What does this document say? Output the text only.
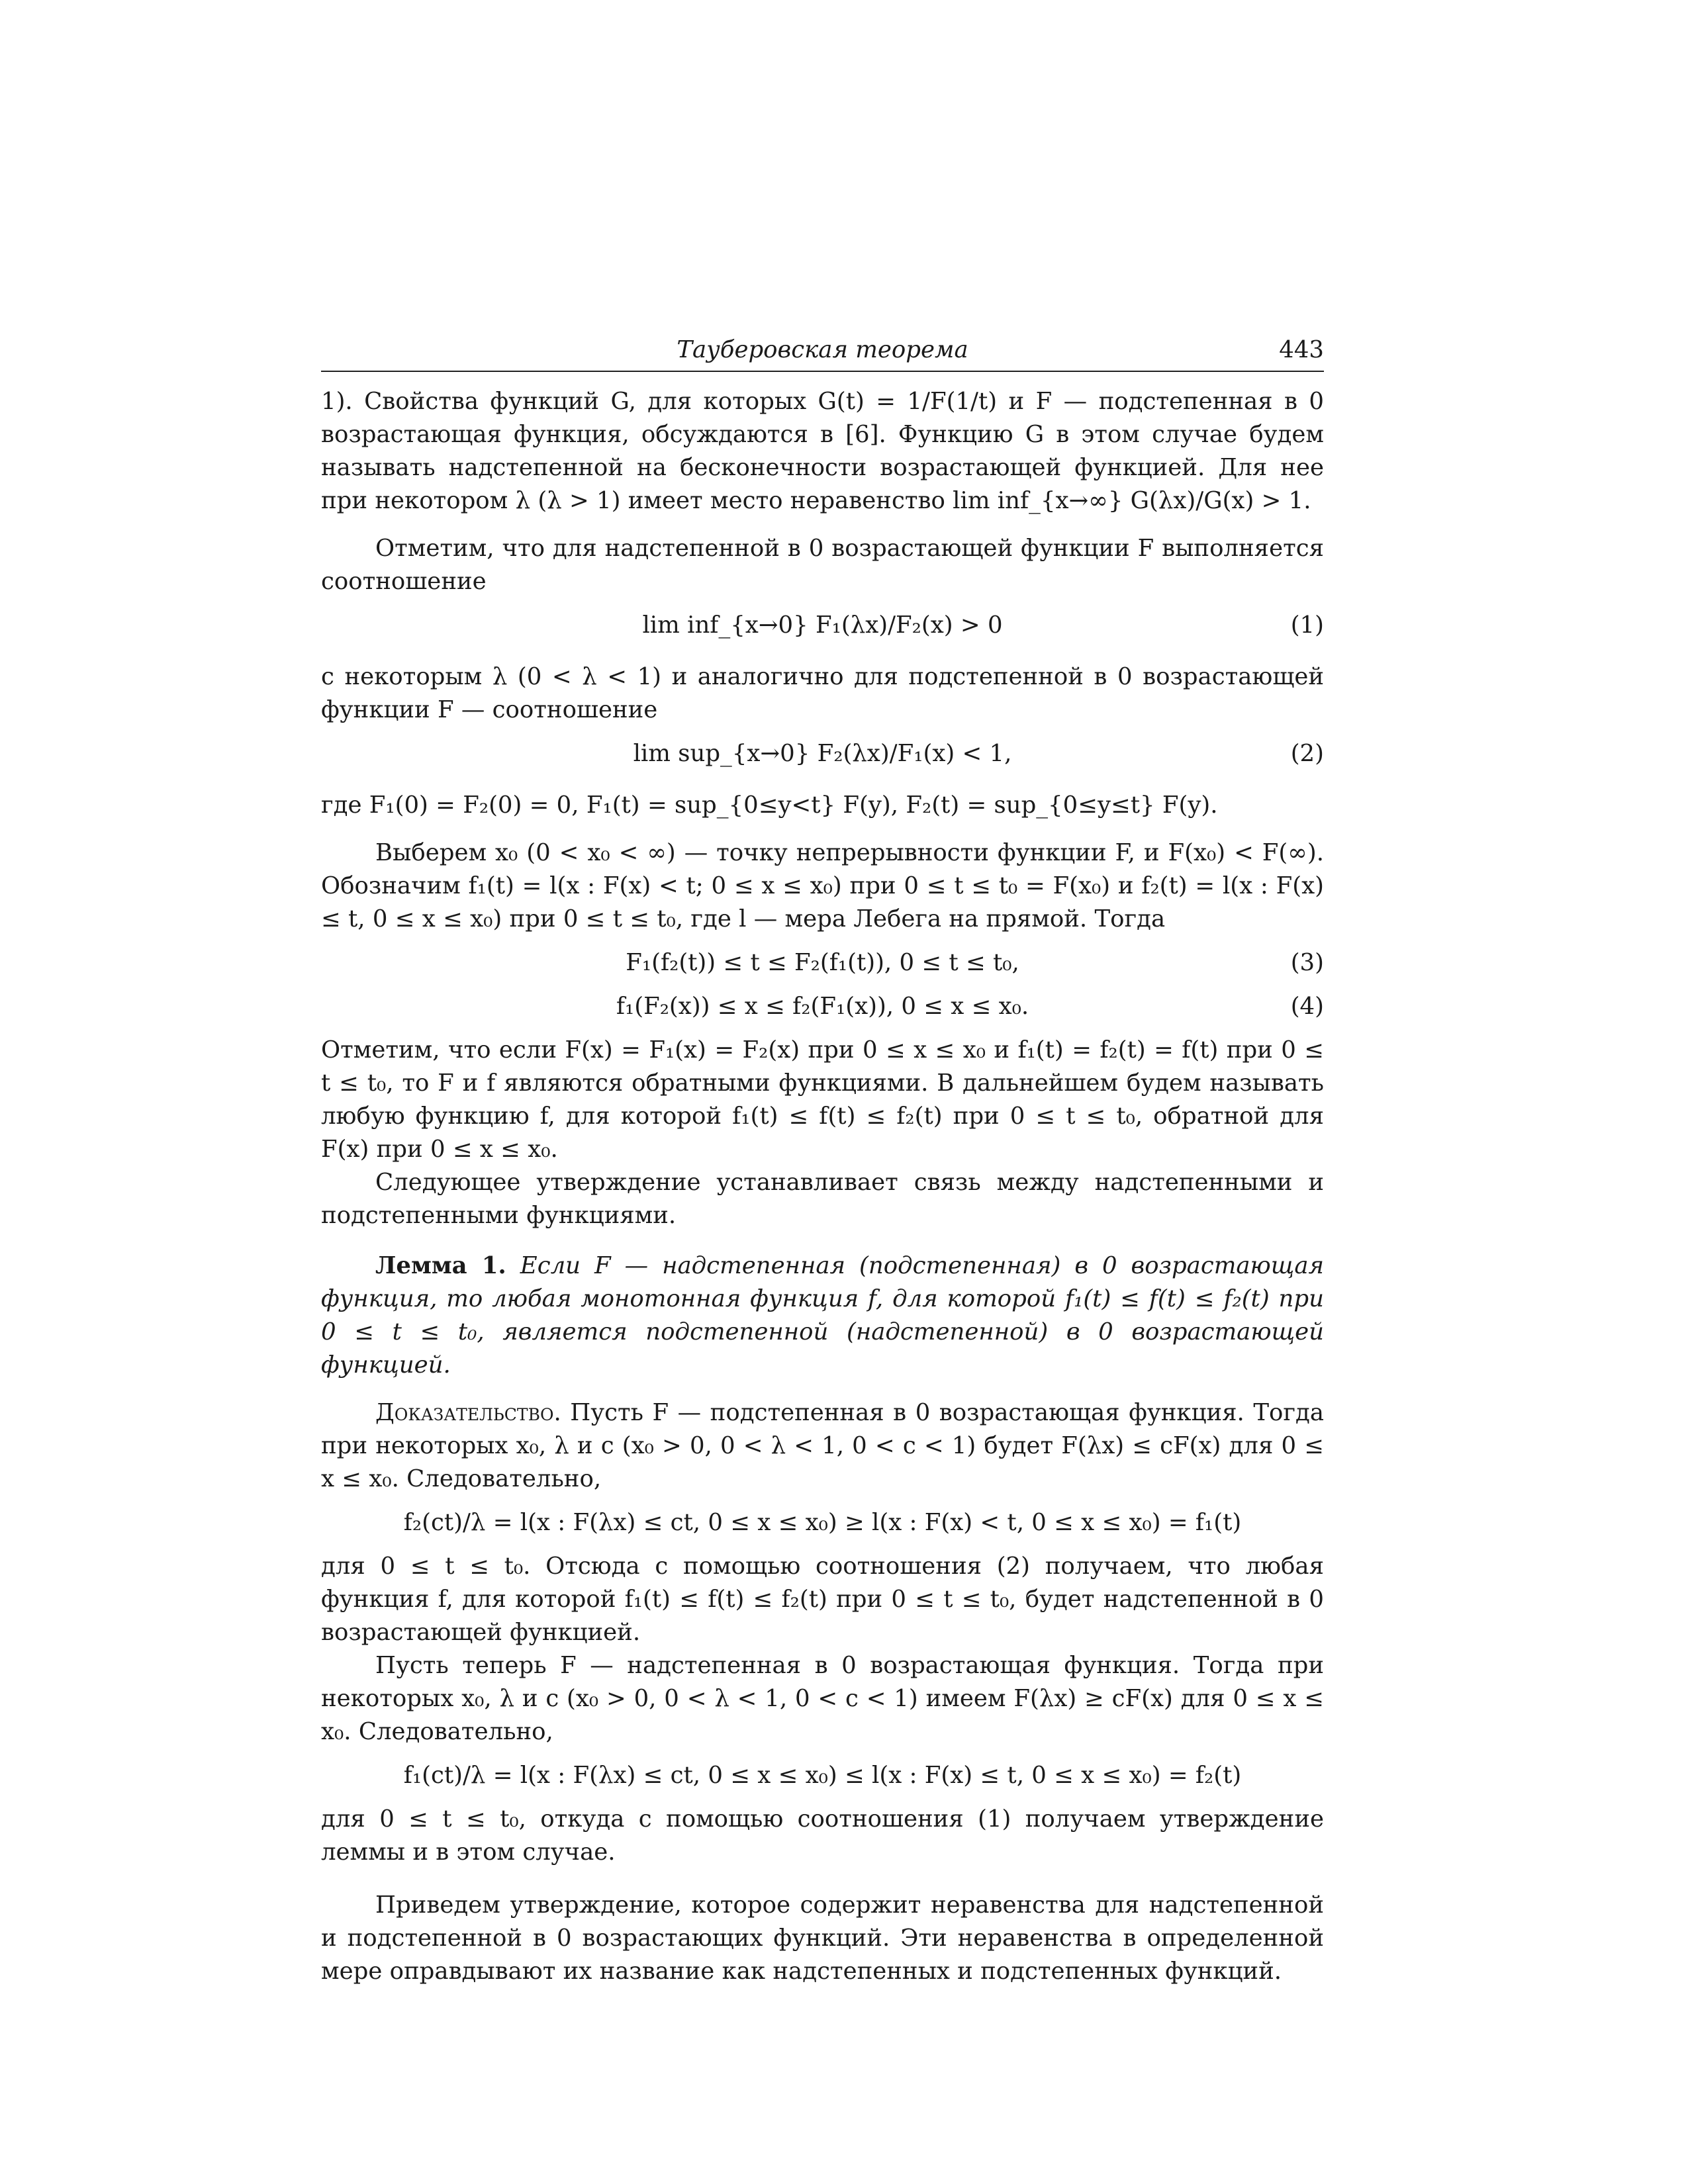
Тауберовская теорема	443

1). Свойства функций G, для которых G(t) = 1/F(1/t) и F — подстепенная в 0 возрастающая функция, обсуждаются в [6]. Функцию G в этом случае будем называть надстепенной на бесконечности возрастающей функцией. Для нее при некотором λ (λ > 1) имеет место неравенство lim inf_{x→∞} G(λx)/G(x) > 1.

Отметим, что для надстепенной в 0 возрастающей функции F выполняется соотношение

lim inf_{x→0} F₁(λx)/F₂(x) > 0	(1)

с некоторым λ (0 < λ < 1) и аналогично для подстепенной в 0 возрастающей функции F — соотношение

lim sup_{x→0} F₂(λx)/F₁(x) < 1,	(2)

где F₁(0) = F₂(0) = 0, F₁(t) = sup_{0≤y<t} F(y), F₂(t) = sup_{0≤y≤t} F(y).

Выберем x₀ (0 < x₀ < ∞) — точку непрерывности функции F, и F(x₀) < F(∞). Обозначим f₁(t) = l(x : F(x) < t; 0 ≤ x ≤ x₀) при 0 ≤ t ≤ t₀ = F(x₀) и f₂(t) = l(x : F(x) ≤ t, 0 ≤ x ≤ x₀) при 0 ≤ t ≤ t₀, где l — мера Лебега на прямой. Тогда

F₁(f₂(t)) ≤ t ≤ F₂(f₁(t)), 0 ≤ t ≤ t₀,	(3)
f₁(F₂(x)) ≤ x ≤ f₂(F₁(x)), 0 ≤ x ≤ x₀.	(4)

Отметим, что если F(x) = F₁(x) = F₂(x) при 0 ≤ x ≤ x₀ и f₁(t) = f₂(t) = f(t) при 0 ≤ t ≤ t₀, то F и f являются обратными функциями. В дальнейшем будем называть любую функцию f, для которой f₁(t) ≤ f(t) ≤ f₂(t) при 0 ≤ t ≤ t₀, обратной для F(x) при 0 ≤ x ≤ x₀.

Следующее утверждение устанавливает связь между надстепенными и подстепенными функциями.

Лемма 1. Если F — надстепенная (подстепенная) в 0 возрастающая функция, то любая монотонная функция f, для которой f₁(t) ≤ f(t) ≤ f₂(t) при 0 ≤ t ≤ t₀, является подстепенной (надстепенной) в 0 возрастающей функцией.

Доказательство. Пусть F — подстепенная в 0 возрастающая функция. Тогда при некоторых x₀, λ и c (x₀ > 0, 0 < λ < 1, 0 < c < 1) будет F(λx) ≤ cF(x) для 0 ≤ x ≤ x₀. Следовательно,

f₂(ct)/λ = l(x : F(λx) ≤ ct, 0 ≤ x ≤ x₀) ≥ l(x : F(x) < t, 0 ≤ x ≤ x₀) = f₁(t)

для 0 ≤ t ≤ t₀. Отсюда с помощью соотношения (2) получаем, что любая функция f, для которой f₁(t) ≤ f(t) ≤ f₂(t) при 0 ≤ t ≤ t₀, будет надстепенной в 0 возрастающей функцией.

Пусть теперь F — надстепенная в 0 возрастающая функция. Тогда при некоторых x₀, λ и c (x₀ > 0, 0 < λ < 1, 0 < c < 1) имеем F(λx) ≥ cF(x) для 0 ≤ x ≤ x₀. Следовательно,

f₁(ct)/λ = l(x : F(λx) ≤ ct, 0 ≤ x ≤ x₀) ≤ l(x : F(x) ≤ t, 0 ≤ x ≤ x₀) = f₂(t)

для 0 ≤ t ≤ t₀, откуда с помощью соотношения (1) получаем утверждение леммы и в этом случае.

Приведем утверждение, которое содержит неравенства для надстепенной и подстепенной в 0 возрастающих функций. Эти неравенства в определенной мере оправдывают их название как надстепенных и подстепенных функций.
